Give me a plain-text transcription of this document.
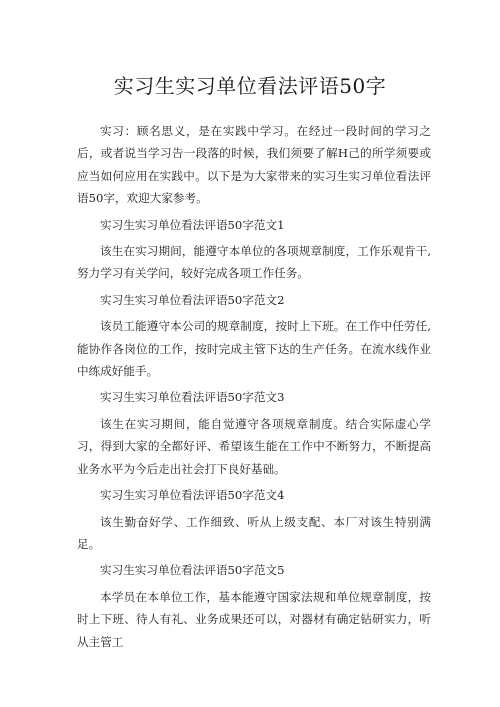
实习生实习单位看法评语50字

实习：顾名思义，是在实践中学习。在经过一段时间的学习之后，或者说当学习告一段落的时候，我们须要了解H己的所学须要或应当如何应用在实践中。以下是为大家带来的实习生实习单位看法评语50字，欢迎大家参考。

实习生实习单位看法评语50字范文1

该生在实习期间，能遵守本单位的各项规章制度，工作乐观肯干,努力学习有关学问，较好完成各项工作任务。

实习生实习单位看法评语50字范文2

该员工能遵守本公司的规章制度，按时上下班。在工作中任劳任,能协作各岗位的工作，按时完成主管下达的生产任务。在流水线作业中练成好能手。

实习生实习单位看法评语50字范文3

该生在实习期间，能自觉遵守各项规章制度。结合实际虚心学习，得到大家的全都好评、希望该生能在工作中不断努力，不断提高业务水平为今后走出社会打下良好基础。

实习生实习单位看法评语50字范文4

该生勤奋好学、工作细致、听从上级支配、本厂对该生特别满足。

实习生实习单位看法评语50字范文5

本学员在本单位工作，基本能遵守国家法规和单位规章制度，按时上下班、待人有礼、业务成果还可以，对器材有确定钻研实力，听从主管工
